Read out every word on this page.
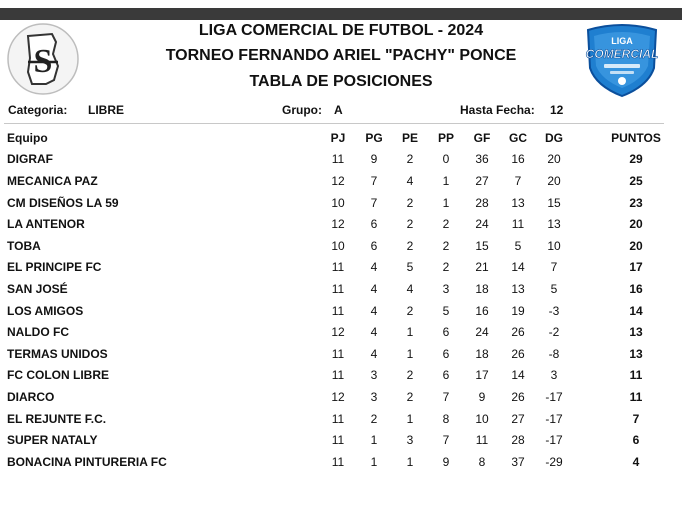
S
LIGA
COMERCIAL
LIGA COMERCIAL DE FUTBOL - 2024
TORNEO FERNANDO ARIEL "PACHY" PONCE
TABLA DE POSICIONES
Categoria: LIBRE	Grupo: A	Hasta Fecha: 12
Equipo	PJ	PG	PE	PP	GF	GC	DG	PUNTOS
DIGRAF	11	9	2	0	36	16	20	29
MECANICA PAZ	12	7	4	1	27	7	20	25
CM DISEÑOS LA 59	10	7	2	1	28	13	15	23
LA ANTENOR	12	6	2	2	24	11	13	20
TOBA	10	6	2	2	15	5	10	20
EL PRINCIPE FC	11	4	5	2	21	14	7	17
SAN JOSÉ	11	4	4	3	18	13	5	16
LOS AMIGOS	11	4	2	5	16	19	-3	14
NALDO FC	12	4	1	6	24	26	-2	13
TERMAS UNIDOS	11	4	1	6	18	26	-8	13
FC COLON LIBRE	11	3	2	6	17	14	3	11
DIARCO	12	3	2	7	9	26	-17	11
EL REJUNTE F.C.	11	2	1	8	10	27	-17	7
SUPER NATALY	11	1	3	7	11	28	-17	6
BONACINA PINTURERIA FC	11	1	1	9	8	37	-29	4
